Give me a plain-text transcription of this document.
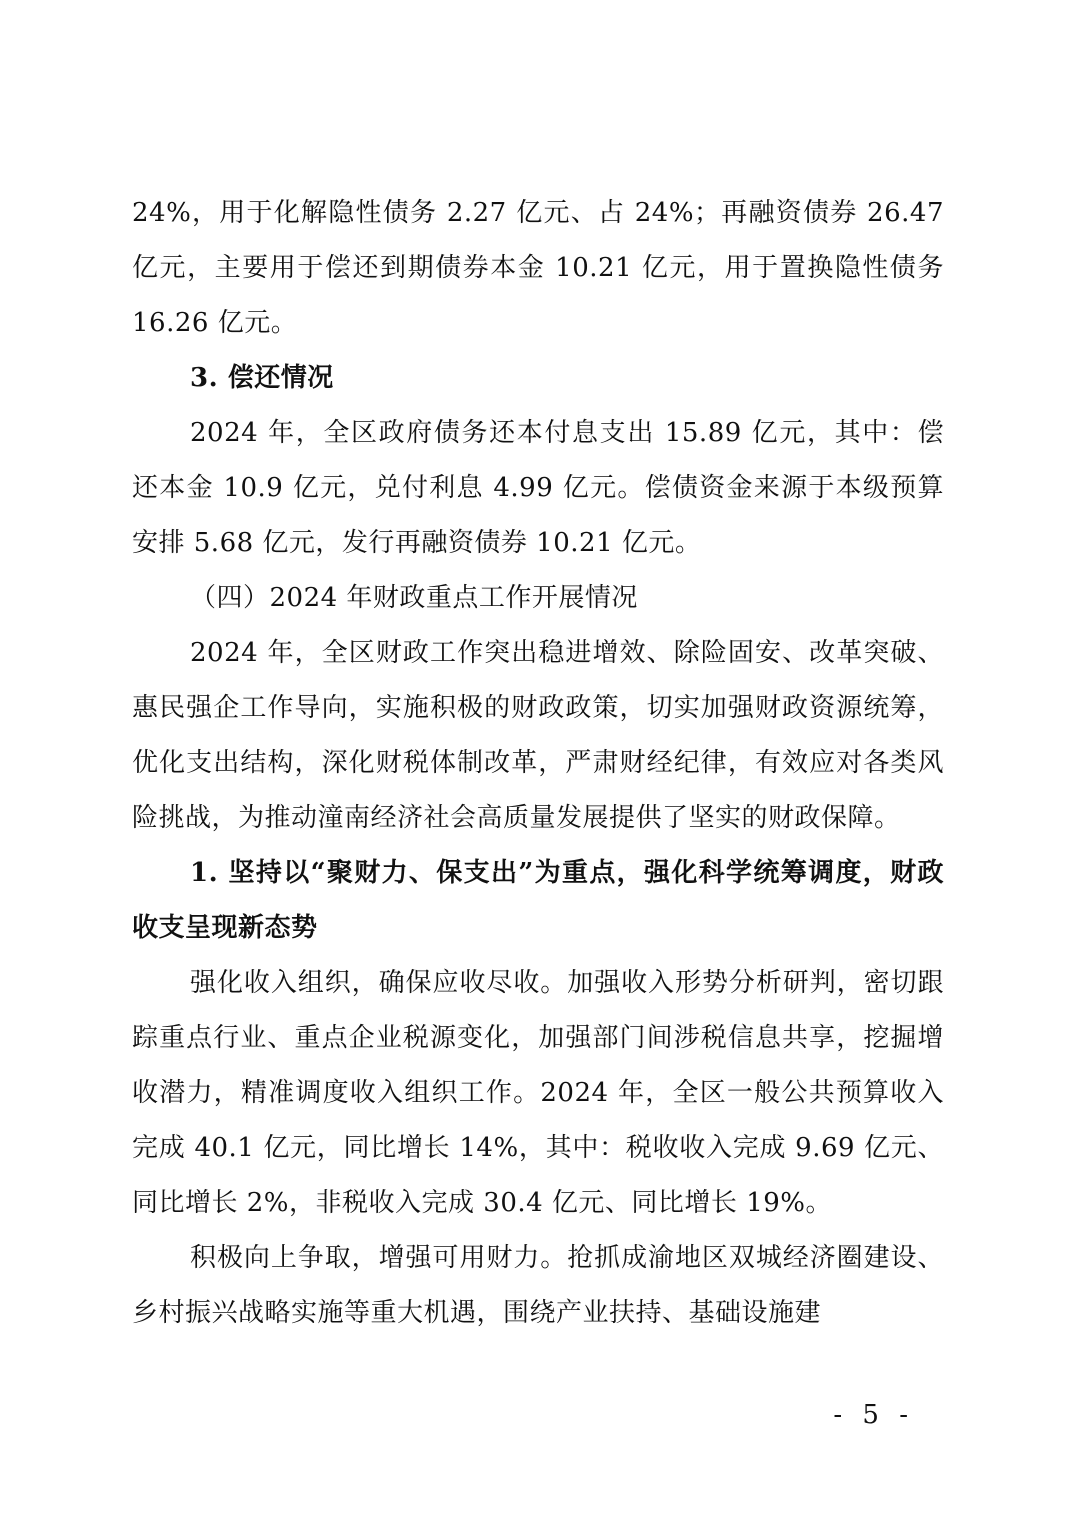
24%，用于化解隐性债务 2.27 亿元、占 24%；再融资债券 26.47 亿元，主要用于偿还到期债券本金 10.21 亿元，用于置换隐性债务 16.26 亿元。

3. 偿还情况

2024 年，全区政府债务还本付息支出 15.89 亿元，其中：偿还本金 10.9 亿元，兑付利息 4.99 亿元。偿债资金来源于本级预算安排 5.68 亿元，发行再融资债券 10.21 亿元。

（四）2024 年财政重点工作开展情况

2024 年，全区财政工作突出稳进增效、除险固安、改革突破、惠民强企工作导向，实施积极的财政政策，切实加强财政资源统筹，优化支出结构，深化财税体制改革，严肃财经纪律，有效应对各类风险挑战，为推动潼南经济社会高质量发展提供了坚实的财政保障。

1. 坚持以“聚财力、保支出”为重点，强化科学统筹调度，财政收支呈现新态势

强化收入组织，确保应收尽收。加强收入形势分析研判，密切跟踪重点行业、重点企业税源变化，加强部门间涉税信息共享，挖掘增收潜力，精准调度收入组织工作。2024 年，全区一般公共预算收入完成 40.1 亿元，同比增长 14%，其中：税收收入完成 9.69 亿元、同比增长 2%，非税收入完成 30.4 亿元、同比增长 19%。

积极向上争取，增强可用财力。抢抓成渝地区双城经济圈建设、乡村振兴战略实施等重大机遇，围绕产业扶持、基础设施建

- 5 -
